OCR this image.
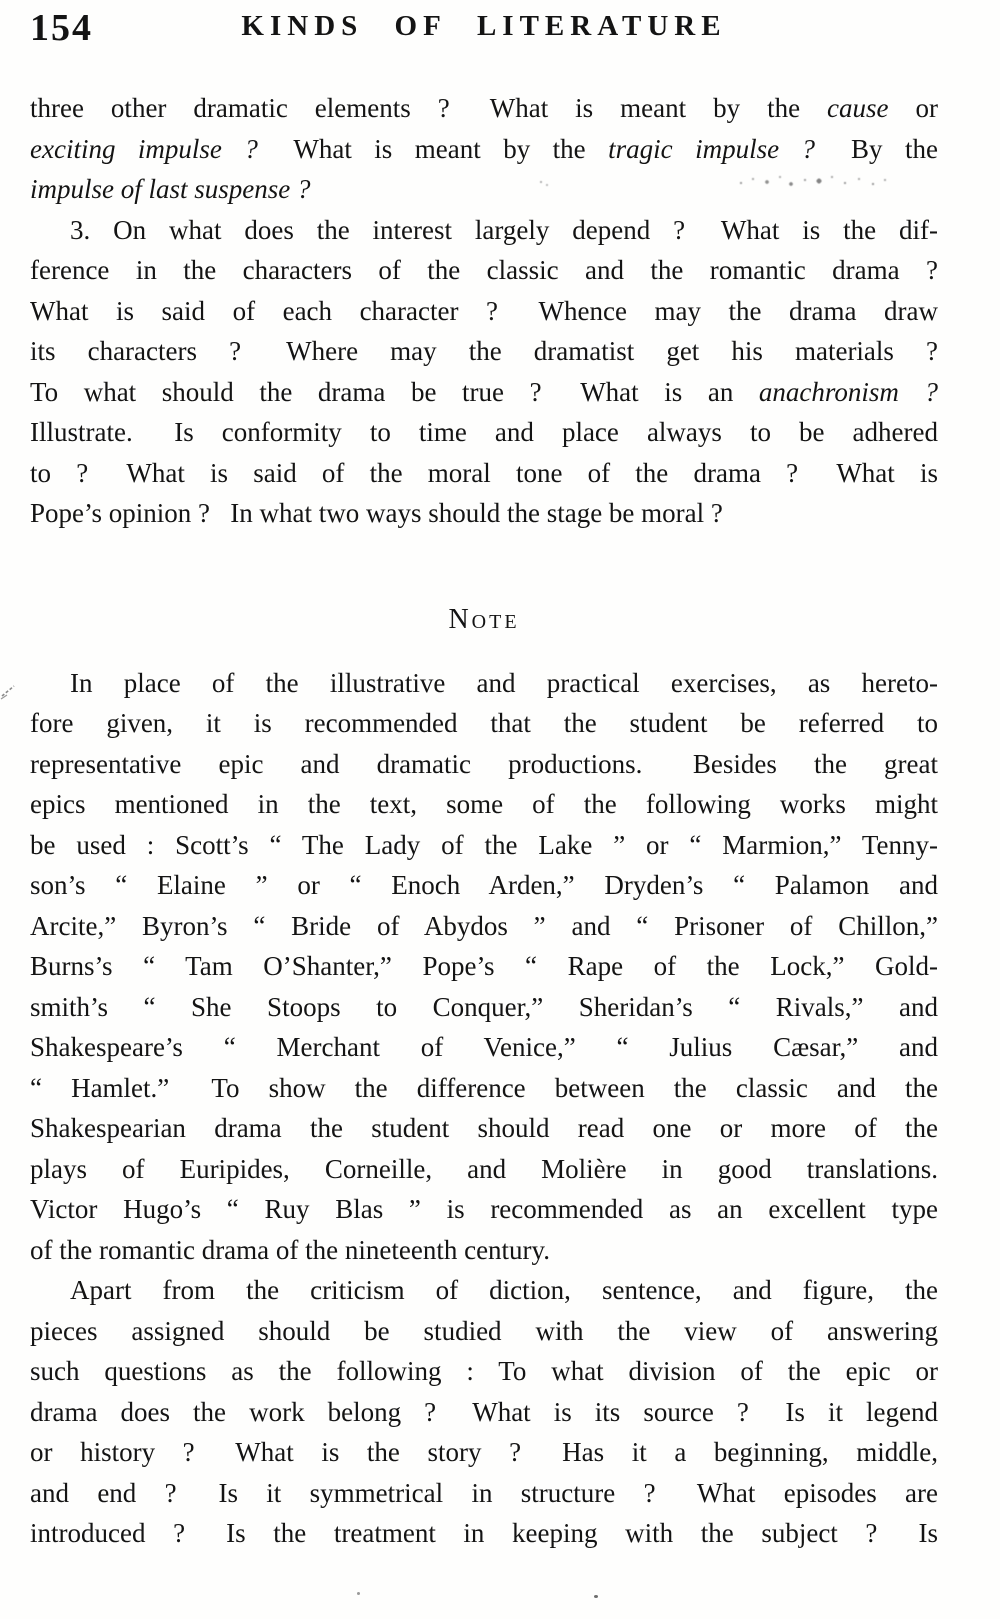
154	KINDS OF LITERATURE
three other dramatic elements ?  What is meant by the cause or
exciting impulse ?  What is meant by the tragic impulse ?  By the
impulse of last suspense ?
3. On what does the interest largely depend ?  What is the dif-
ference in the characters of the classic and the romantic drama ?
What is said of each character ?  Whence may the drama draw
its characters ?  Where may the dramatist get his materials ?
To what should the drama be true ?  What is an anachronism ?
Illustrate.  Is conformity to time and place always to be adhered
to ?  What is said of the moral tone of the drama ?  What is
Pope’s opinion ?  In what two ways should the stage be moral ?
Note
In place of the illustrative and practical exercises, as hereto-
fore given, it is recommended that the student be referred to
representative epic and dramatic productions.  Besides the great
epics mentioned in the text, some of the following works might
be used : Scott’s “ The Lady of the Lake ” or “ Marmion,” Tenny-
son’s “ Elaine ” or “ Enoch Arden,” Dryden’s “ Palamon and
Arcite,” Byron’s “ Bride of Abydos ” and “ Prisoner of Chillon,”
Burns’s “ Tam O’Shanter,” Pope’s “ Rape of the Lock,” Gold-
smith’s “ She Stoops to Conquer,” Sheridan’s “ Rivals,” and
Shakespeare’s “ Merchant of Venice,” “ Julius Cæsar,” and
“ Hamlet.”  To show the difference between the classic and the
Shakespearian drama the student should read one or more of the
plays of Euripides, Corneille, and Molière in good translations.
Victor Hugo’s “ Ruy Blas ” is recommended as an excellent type
of the romantic drama of the nineteenth century.
Apart from the criticism of diction, sentence, and figure, the
pieces assigned should be studied with the view of answering
such questions as the following : To what division of the epic or
drama does the work belong ?  What is its source ?  Is it legend
or history ?  What is the story ?  Has it a beginning, middle,
and end ?  Is it symmetrical in structure ?  What episodes are
introduced ?  Is the treatment in keeping with the subject ?  Is
